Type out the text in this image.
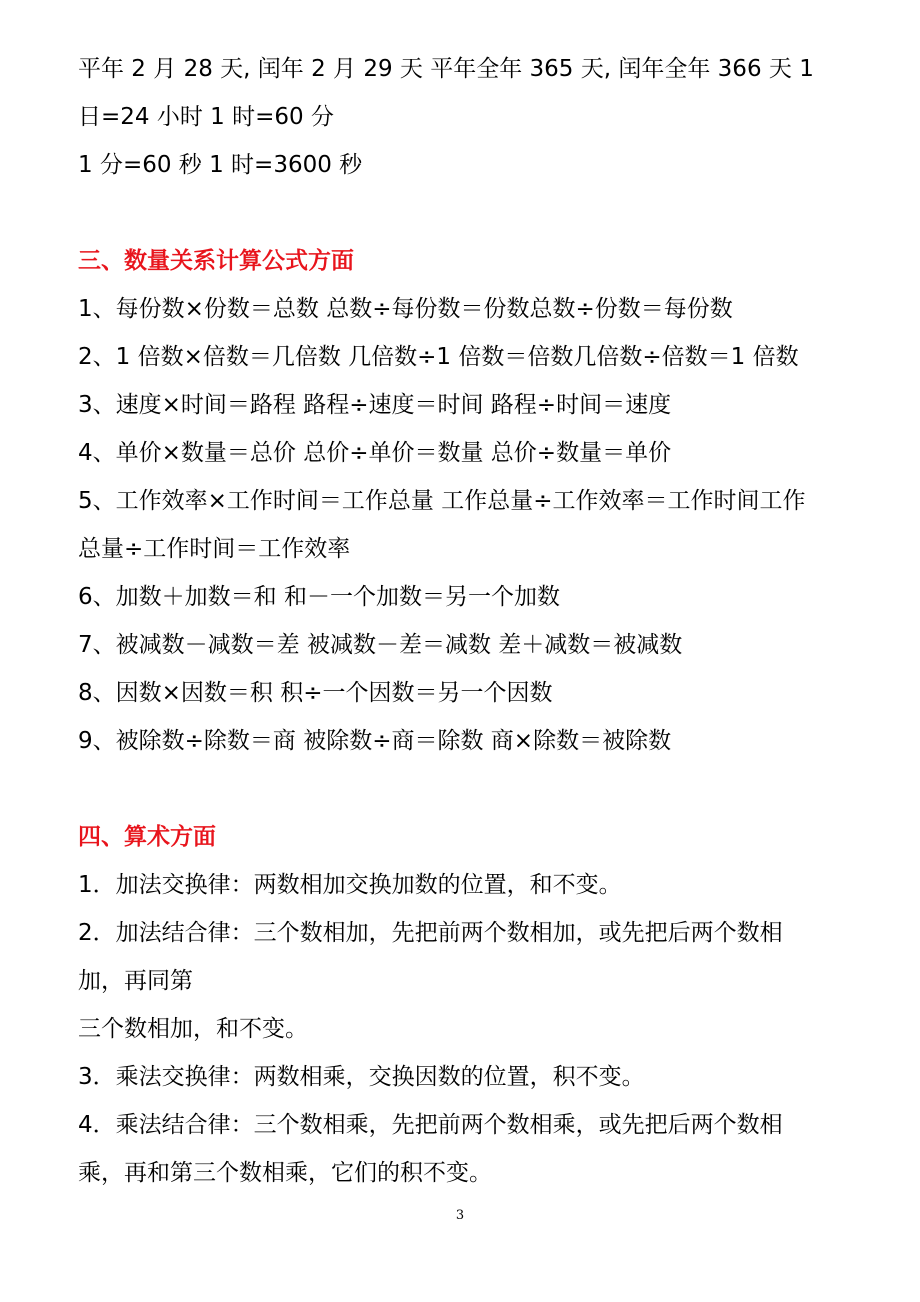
平年 2 月 28 天, 闰年 2 月 29 天 平年全年 365 天, 闰年全年 366 天 1
日=24 小时 1 时=60 分
1 分=60 秒 1 时=3600 秒
三、数量关系计算公式方面
1、每份数×份数＝总数 总数÷每份数＝份数总数÷份数＝每份数
2、1 倍数×倍数＝几倍数 几倍数÷1 倍数＝倍数几倍数÷倍数＝1 倍数
3、速度×时间＝路程 路程÷速度＝时间 路程÷时间＝速度
4、单价×数量＝总价 总价÷单价＝数量 总价÷数量＝单价
5、工作效率×工作时间＝工作总量 工作总量÷工作效率＝工作时间工作
总量÷工作时间＝工作效率
6、加数＋加数＝和 和－一个加数＝另一个加数
7、被减数－减数＝差 被减数－差＝减数 差＋减数＝被减数
8、因数×因数＝积 积÷一个因数＝另一个因数
9、被除数÷除数＝商 被除数÷商＝除数 商×除数＝被除数
四、算术方面
1．加法交换律：两数相加交换加数的位置，和不变。
2．加法结合律：三个数相加，先把前两个数相加，或先把后两个数相
加，再同第
三个数相加，和不变。
3．乘法交换律：两数相乘，交换因数的位置，积不变。
4．乘法结合律：三个数相乘，先把前两个数相乘，或先把后两个数相
乘，再和第三个数相乘，它们的积不变。
3
